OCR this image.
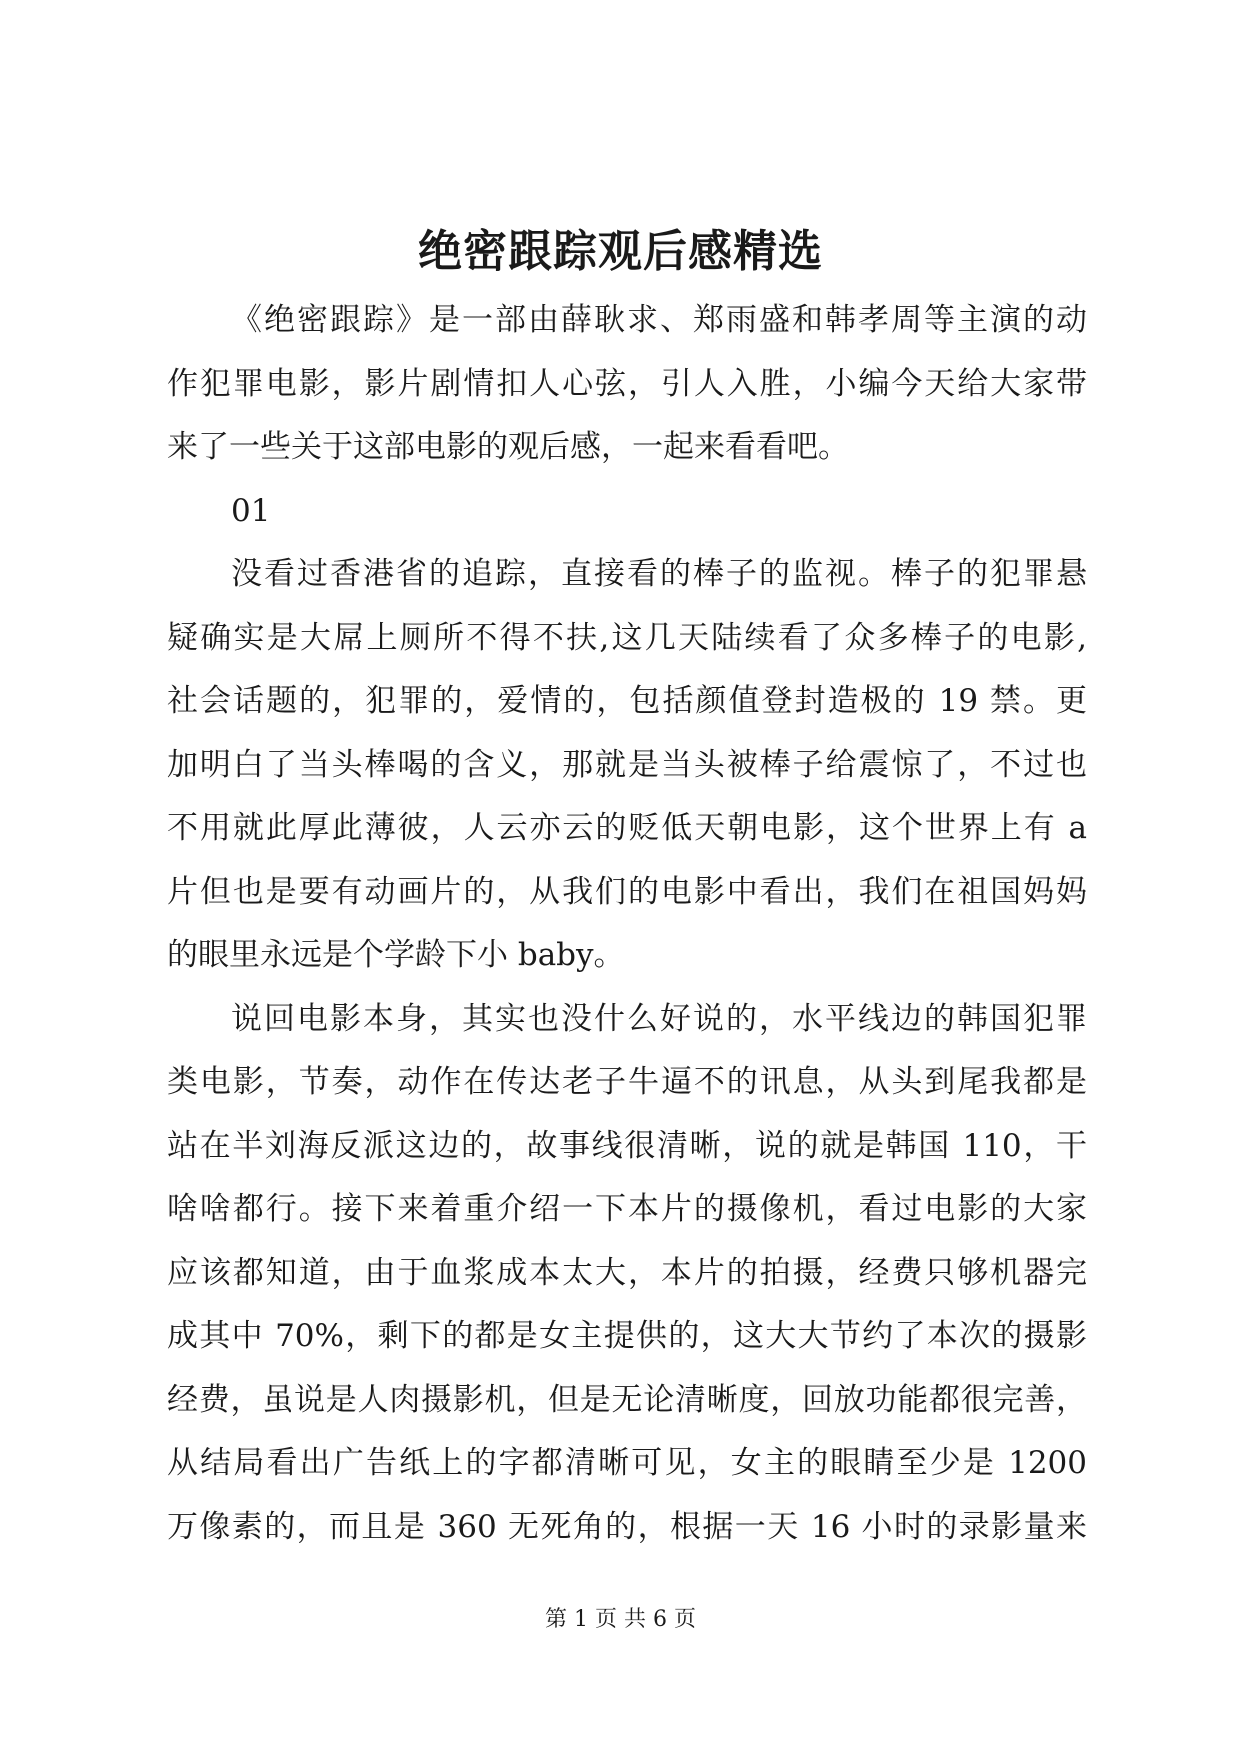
绝密跟踪观后感精选
《绝密跟踪》是一部由薛耿求、郑雨盛和韩孝周等主演的动
作犯罪电影，影片剧情扣人心弦，引人入胜，小编今天给大家带
来了一些关于这部电影的观后感，一起来看看吧。
01
没看过香港省的追踪，直接看的棒子的监视。棒子的犯罪悬
疑确实是大屌上厕所不得不扶,这几天陆续看了众多棒子的电影,
社会话题的，犯罪的，爱情的，包括颜值登封造极的 19 禁。更
加明白了当头棒喝的含义，那就是当头被棒子给震惊了，不过也
不用就此厚此薄彼，人云亦云的贬低天朝电影，这个世界上有 a
片但也是要有动画片的，从我们的电影中看出，我们在祖国妈妈
的眼里永远是个学龄下小 baby。
说回电影本身，其实也没什么好说的，水平线边的韩国犯罪
类电影，节奏，动作在传达老子牛逼不的讯息，从头到尾我都是
站在半刘海反派这边的，故事线很清晰，说的就是韩国 110，干
啥啥都行。接下来着重介绍一下本片的摄像机，看过电影的大家
应该都知道，由于血浆成本太大，本片的拍摄，经费只够机器完
成其中 70%，剩下的都是女主提供的，这大大节约了本次的摄影
经费，虽说是人肉摄影机，但是无论清晰度，回放功能都很完善，
从结局看出广告纸上的字都清晰可见，女主的眼睛至少是 1200
万像素的，而且是 360 无死角的，根据一天 16 小时的录影量来
第 1 页 共 6 页
